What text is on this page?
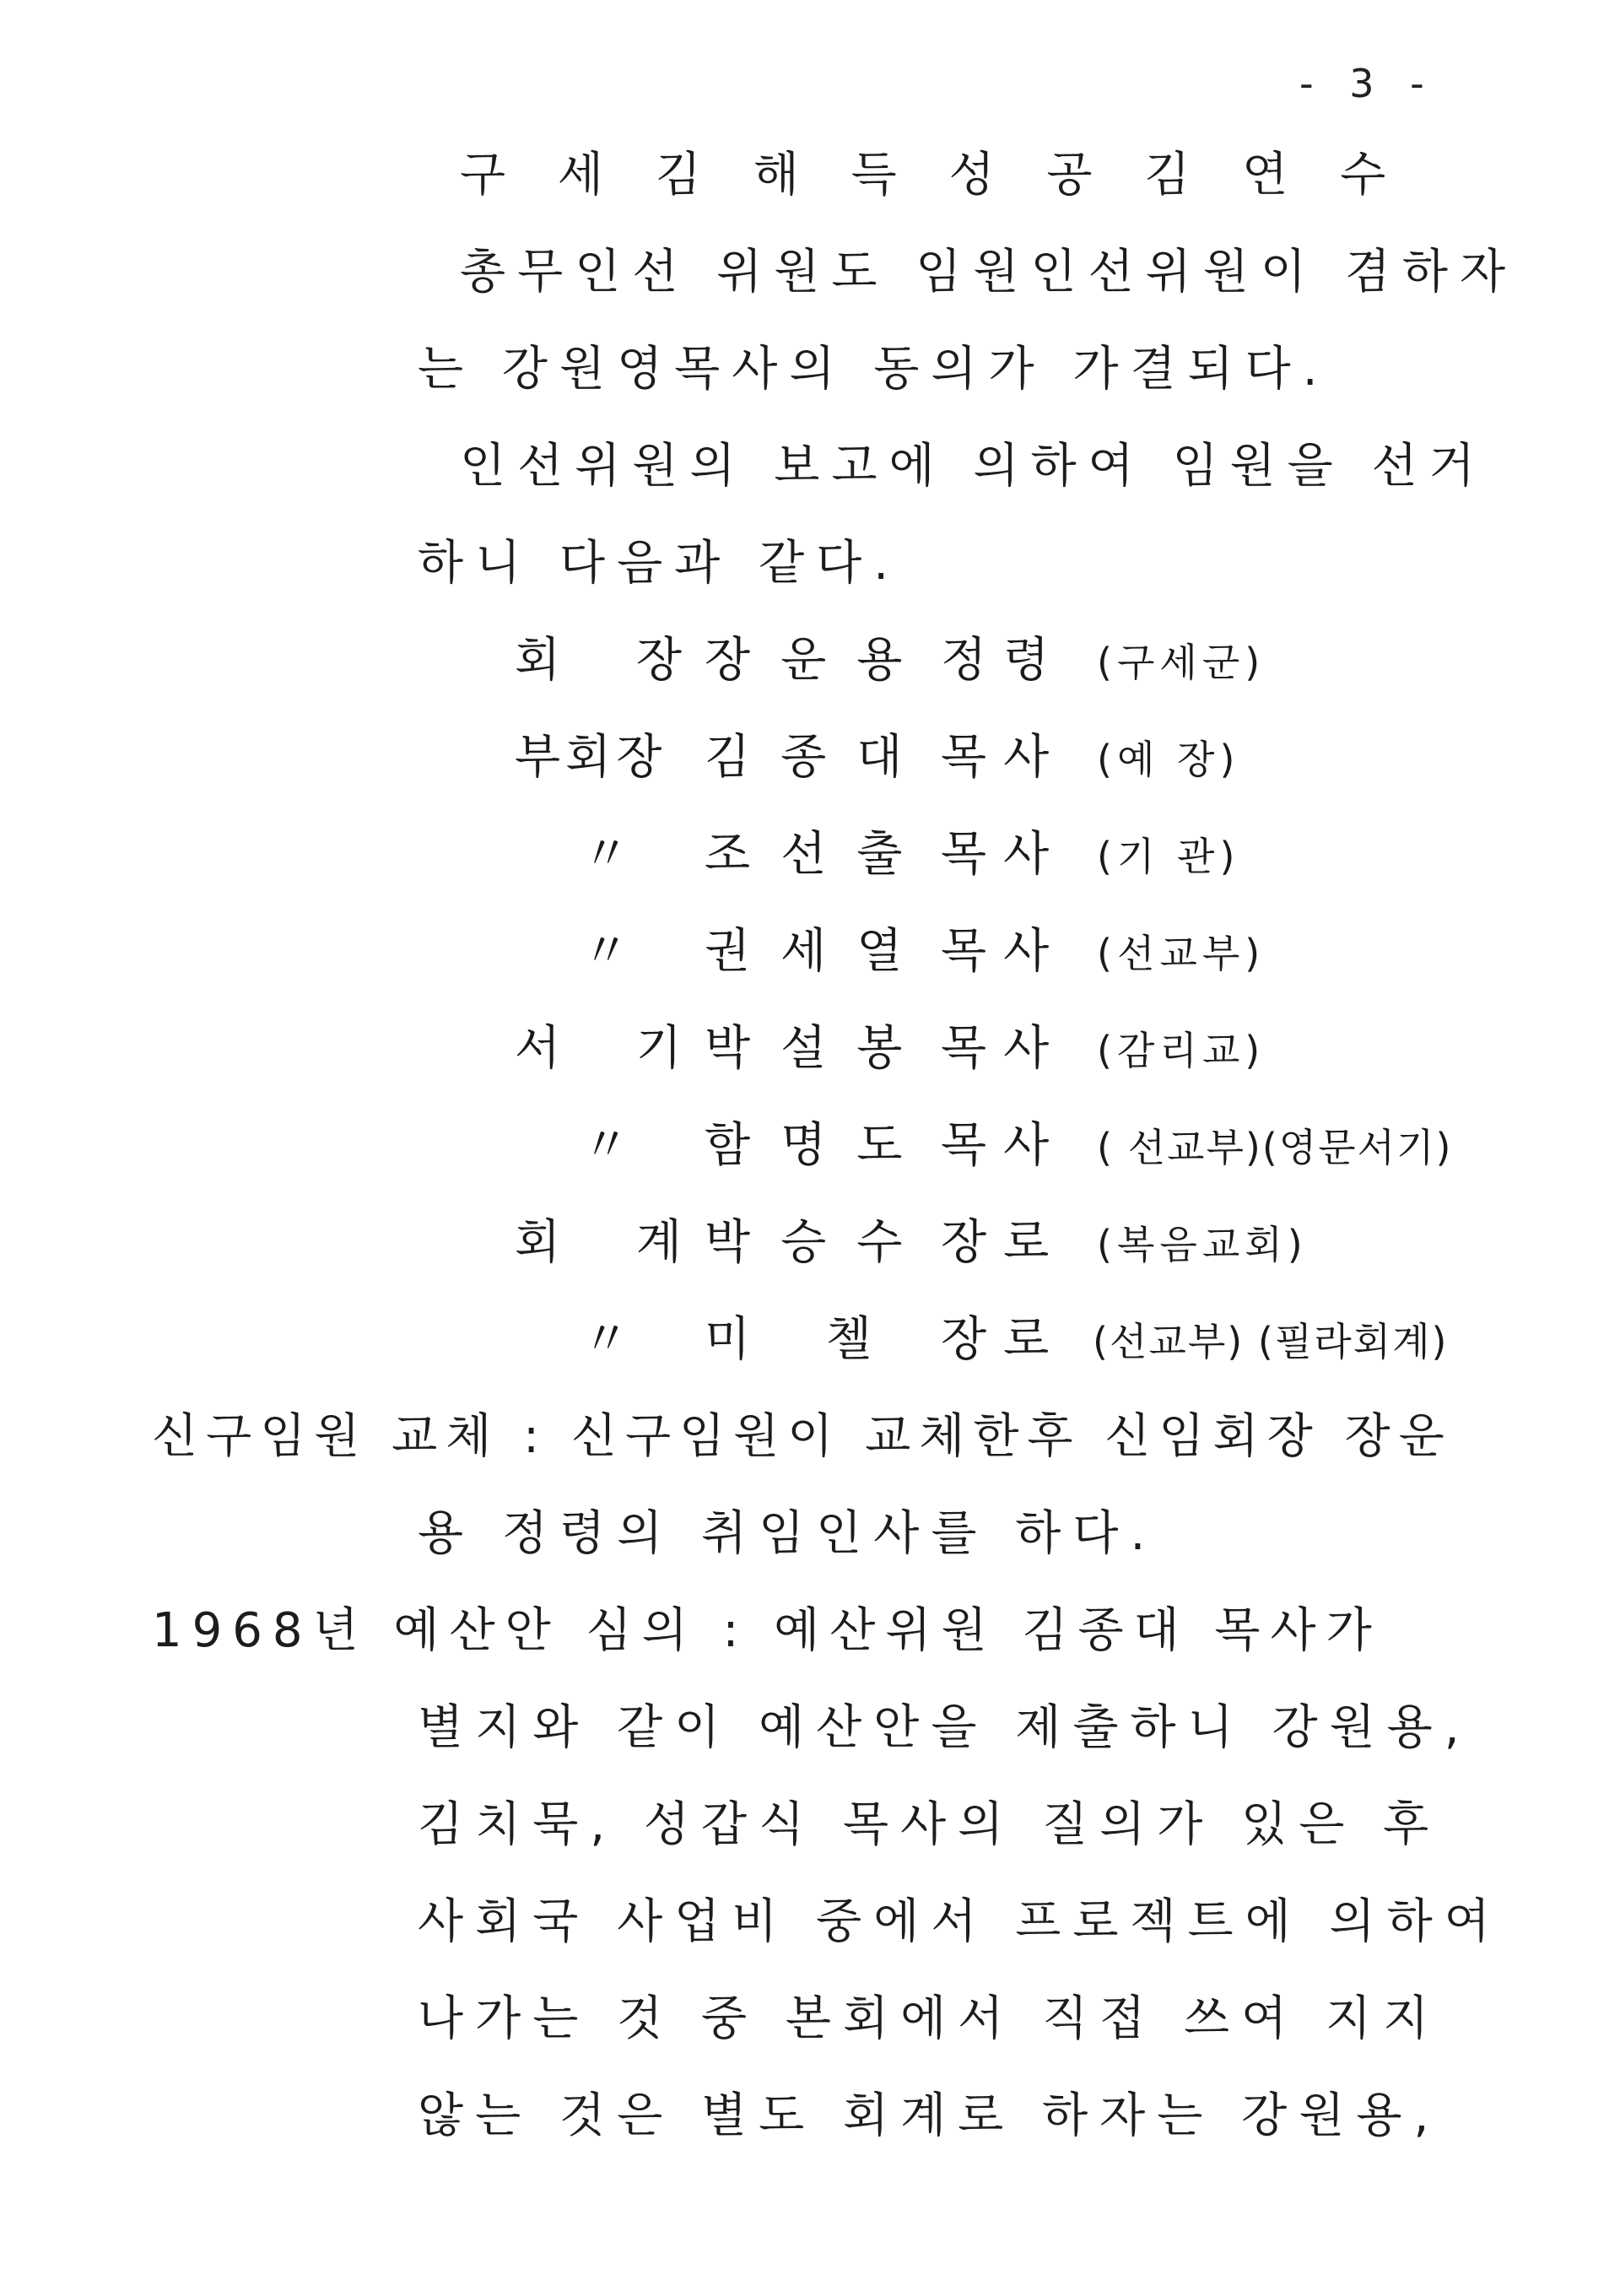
- 3 -
구 세 김 해 득 성 공 김 연 수
총무인선 위원도 임원인선위원이 겸하자
는 강원영목사의 동의가 가결되다.
인선위원의 보고에 의하여 임원을 선거
하니 다음과 같다.
회 장
장운용 정령 (구세군)
부회장 김종대 목사 (예 장)
〃 조선출 목사 (기 관)
〃 권세열 목사 (선교부)
서 기
박설봉 목사 (감리교)
〃 함명도 목사 ( 선교부)(영문서기)
회 계
박승수 장로 (복음교회)
〃 미 첼 장로 (선교부) (필라회계)
신구임원 교체 : 신구임원이 교체한후 신임회장 장운
용 정령의 취임인사를 하다.
1968년 예산안 심의 : 예산위원 김종대 목사가
별지와 같이 예산안을 제출하니 강원용,
김치묵, 성갑식 목사의 질의가 있은 후
사회국 사업비 중에서 프로젝트에 의하여
나가는 것 중 본회에서 직접 쓰여 지지
않는 것은 별도 회계로 하자는 강원용,
